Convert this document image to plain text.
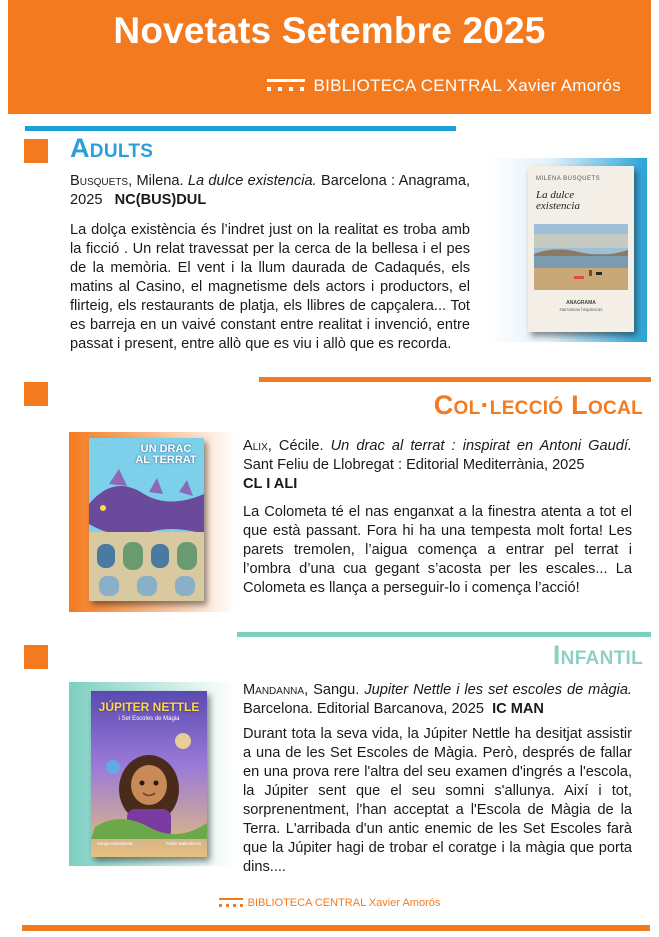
Novetats Setembre 2025
BIBLIOTECA CENTRAL Xavier Amorós
Adults
Busquets, Milena. La dulce existencia. Barcelona : Anagrama, 2025 NC(BUS)DUL
La dolça existència és l’indret just on la realitat es troba amb la ficció . Un relat travessat per la cerca de la bellesa i el pes de la memòria. El vent i la llum daurada de Cadaqués, els matins al Casino, el magnetisme dels actors i productors, el flirteig, els restaurants de platja, els llibres de capçalera... Tot es barreja en un vaivé constant entre realitat i invenció, entre passat i present, entre allò que es viu i allò que es recorda.
MILENA BUSQUETS
La dulce
existencia
ANAGRAMA
Narrativas hispánicas
Col·lecció Local
· · ·	UN DRAC
AL TERRAT
Alix, Cécile. Un drac al terrat : inspirat en Antoni Gaudí. Sant Feliu de Llobregat : Editorial Mediterrània, 2025
CL I ALI
La Colometa té el nas enganxat a la finestra atenta a tot el que està passant. Fora hi ha una tempesta molt forta! Les parets tremolen, l’aigua comença a entrar pel terrat i l’ombra d’una cua gegant s’acosta per les escales... La Colometa es llança a perseguir-lo i comença l’acció!
Infantil
JÚPITER NETTLE
i Set Escoles de Màgia
Sangu Mandanna	Pablo Ballesteros
Mandanna, Sangu. Jupiter Nettle i les set escoles de màgia. Barcelona. Editorial Barcanova, 2025 IC MAN
Durant tota la seva vida, la Júpiter Nettle ha desitjat assistir a una de les Set Escoles de Màgia. Però, després de fallar en una prova rere l'altra del seu examen d'ingrés a l'escola, la Júpiter sent que el seu somni s'allunya. Així i tot, sorprenentment, l'han acceptat a l'Escola de Màgia de la Terra. L'arribada d'un antic enemic de les Set Escoles farà que la Júpiter hagi de trobar el coratge i la màgia que porta dins....
BIBLIOTECA CENTRAL Xavier Amorós
